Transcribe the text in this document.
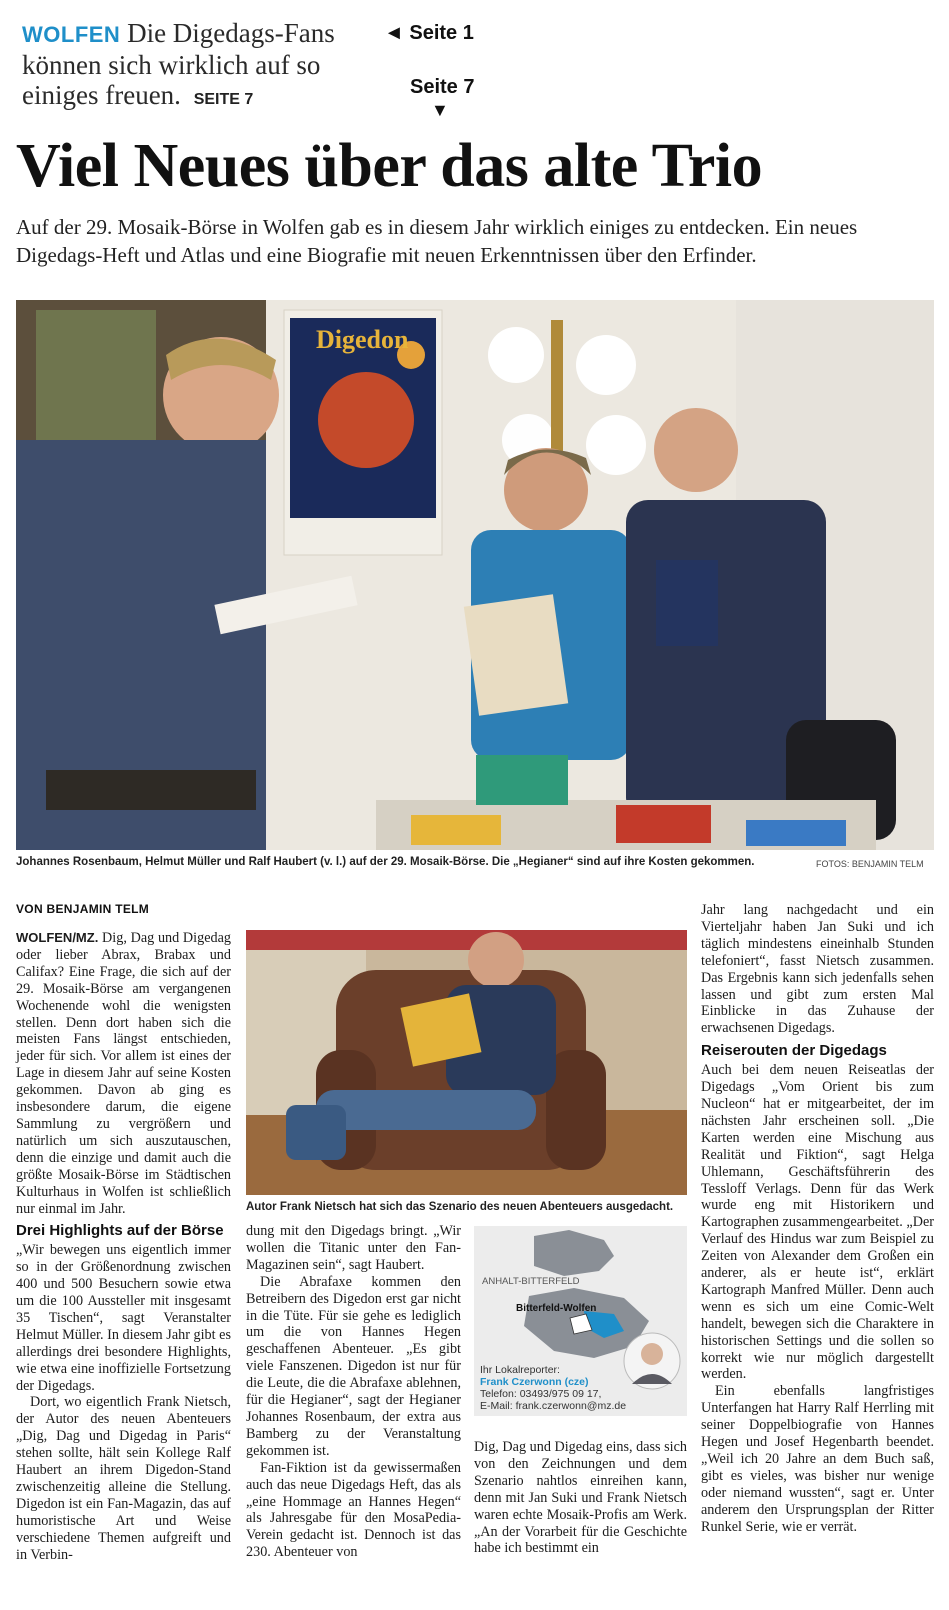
WOLFEN Die Digedags-Fans können sich wirklich auf so einiges freuen. SEITE 7
◄ Seite 1
Seite 7
▼
Viel Neues über das alte Trio
Auf der 29. Mosaik-Börse in Wolfen gab es in diesem Jahr wirklich einiges zu entdecken. Ein neues Digedags-Heft und Atlas und eine Biografie mit neuen Erkenntnissen über den Erfinder.
Digedon
Johannes Rosenbaum, Helmut Müller und Ralf Haubert (v. l.) auf der 29. Mosaik-Börse. Die „Hegianer“ sind auf ihre Kosten gekommen.	FOTOS: BENJAMIN TELM
VON BENJAMIN TELM

WOLFEN/MZ. Dig, Dag und Digedag oder lieber Abrax, Brabax und Califax? Eine Frage, die sich auf der 29. Mosaik-Börse am vergangenen Wochenende wohl die wenigsten stellen. Denn dort haben sich die meisten Fans längst entschieden, jeder für sich. Vor allem ist eines der Lage in diesem Jahr auf seine Kosten gekommen. Davon ab ging es insbesondere darum, die eigene Sammlung zu vergrößern und natürlich um sich auszutauschen, denn die einzige und damit auch die größte Mosaik-Börse im Städtischen Kulturhaus in Wolfen ist schließlich nur einmal im Jahr.

Drei Highlights auf der Börse

„Wir bewegen uns eigentlich immer so in der Größenordnung zwischen 400 und 500 Besuchern sowie etwa um die 100 Aussteller mit insgesamt 35 Tischen“, sagt Veranstalter Helmut Müller. In diesem Jahr gibt es allerdings drei besondere Highlights, wie etwa eine inoffizielle Fortsetzung der Digedags.

Dort, wo eigentlich Frank Nietsch, der Autor des neuen Abenteuers „Dig, Dag und Digedag in Paris“ stehen sollte, hält sein Kollege Ralf Haubert an ihrem Digedon-Stand zwischenzeitig alleine die Stellung. Digedon ist ein Fan-Magazin, das auf humoristische Art und Weise verschiedene Themen aufgreift und in Verbin-

Autor Frank Nietsch hat sich das Szenario des neuen Abenteuers ausgedacht.

dung mit den Digedags bringt. „Wir wollen die Titanic unter den Fan-Magazinen sein“, sagt Haubert.

Die Abrafaxe kommen den Betreibern des Digedon erst gar nicht in die Tüte. Für sie gehe es lediglich um die von Hannes Hegen geschaffenen Abenteuer. „Es gibt viele Fanszenen. Digedon ist nur für die Leute, die die Abrafaxe ablehnen, für die Hegianer“, sagt der Hegianer Johannes Rosenbaum, der extra aus Bamberg zu der Veranstaltung gekommen ist.

Fan-Fiktion ist da gewissermaßen auch das neue Digedags Heft, das als „eine Hommage an Hannes Hegen“ als Jahresgabe für den MosaPedia-Verein gedacht ist. Dennoch ist das 230. Abenteuer von

ANHALT-BITTERFELD
Bitterfeld-Wolfen
Ihr Lokalreporter:
Frank Czerwonn (cze)
Telefon: 03493/975 09 17,
E-Mail: frank.czerwonn@mz.de

Dig, Dag und Digedag eins, dass sich von den Zeichnungen und dem Szenario nahtlos einreihen kann, denn mit Jan Suki und Frank Nietsch waren echte Mosaik-Profis am Werk. „An der Vorarbeit für die Geschichte habe ich bestimmt ein

Jahr lang nachgedacht und ein Vierteljahr haben Jan Suki und ich täglich mindestens eineinhalb Stunden telefoniert“, fasst Nietsch zusammen. Das Ergebnis kann sich jedenfalls sehen lassen und gibt zum ersten Mal Einblicke in das Zuhause der erwachsenen Digedags.

Reiserouten der Digedags

Auch bei dem neuen Reiseatlas der Digedags „Vom Orient bis zum Nucleon“ hat er mitgearbeitet, der im nächsten Jahr erscheinen soll. „Die Karten werden eine Mischung aus Realität und Fiktion“, sagt Helga Uhlemann, Geschäftsführerin des Tessloff Verlags. Denn für das Werk wurde eng mit Historikern und Kartographen zusammengearbeitet. „Der Verlauf des Hindus war zum Beispiel zu Zeiten von Alexander dem Großen ein anderer, als er heute ist“, erklärt Kartograph Manfred Müller. Denn auch wenn es sich um eine Comic-Welt handelt, bewegen sich die Charaktere in historischen Settings und die sollen so korrekt wie nur möglich dargestellt werden.

Ein ebenfalls langfristiges Unterfangen hat Harry Ralf Herrling mit seiner Doppelbiografie von Hannes Hegen und Josef Hegenbarth beendet. „Weil ich 20 Jahre an dem Buch saß, gibt es vieles, was bisher nur wenige oder niemand wussten“, sagt er. Unter anderem den Ursprungsplan der Ritter Runkel Serie, wie er verrät.
